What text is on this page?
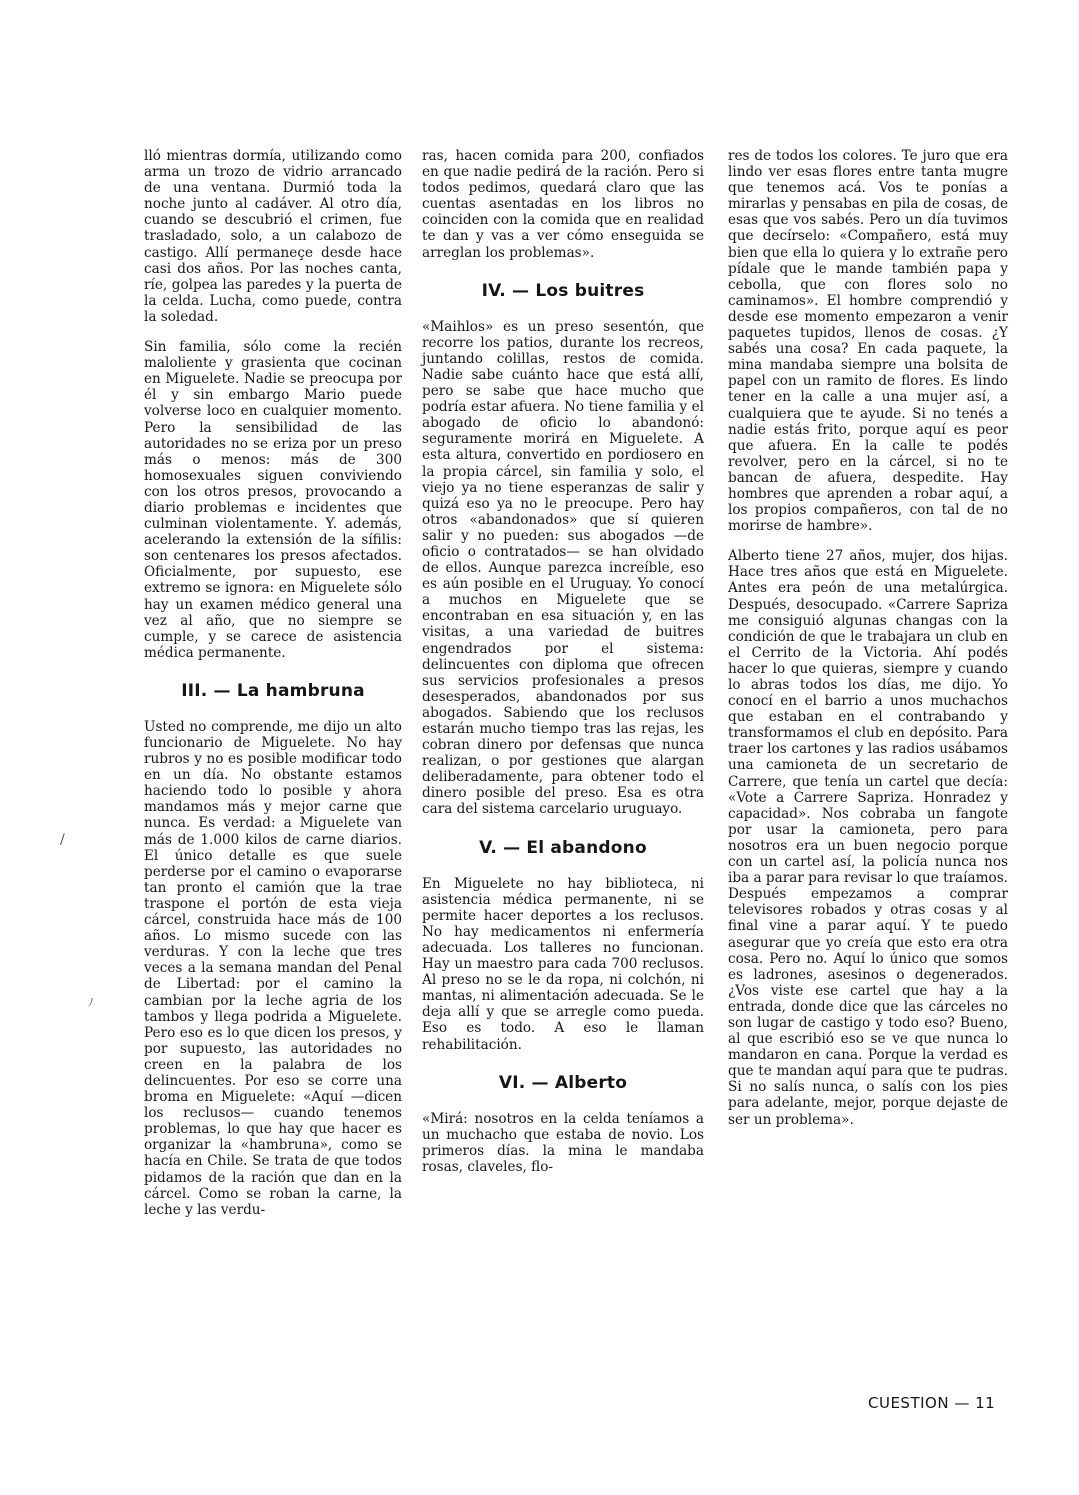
lló mientras dormía, utilizando como arma un trozo de vidrio arrancado de una ventana. Durmió toda la noche junto al cadáver. Al otro día, cuando se descubrió el crimen, fue trasladado, solo, a un calabozo de castigo. Allí permaneçe desde hace casi dos años. Por las noches canta, ríe, golpea las paredes y la puerta de la celda. Lucha, como puede, contra la soledad.

Sin familia, sólo come la recién maloliente y grasienta que cocinan en Miguelete. Nadie se preocupa por él y sin embargo Mario puede volverse loco en cualquier momento. Pero la sensibilidad de las autoridades no se eriza por un preso más o menos: más de 300 homosexuales siguen conviviendo con los otros presos, provocando a diario problemas e incidentes que culminan violentamente. Y. además, acelerando la extensión de la sífilis: son centenares los presos afectados. Oficialmente, por supuesto, ese extremo se ignora: en Miguelete sólo hay un examen médico general una vez al año, que no siempre se cumple, y se carece de asistencia médica permanente.

III. — La hambruna

Usted no comprende, me dijo un alto funcionario de Miguelete. No hay rubros y no es posible modificar todo en un día. No obstante estamos haciendo todo lo posible y ahora mandamos más y mejor carne que nunca. Es verdad: a Miguelete van más de 1.000 kilos de carne diarios. El único detalle es que suele perderse por el camino o evaporarse tan pronto el camión que la trae traspone el portón de esta vieja cárcel, construida hace más de 100 años. Lo mismo sucede con las verduras. Y con la leche que tres veces a la semana mandan del Penal de Libertad: por el camino la cambian por la leche agria de los tambos y llega podrida a Miguelete. Pero eso es lo que dicen los presos, y por supuesto, las autoridades no creen en la palabra de los delincuentes. Por eso se corre una broma en Miguelete: «Aquí —dicen los reclusos— cuando tenemos problemas, lo que hay que hacer es organizar la «hambruna», como se hacía en Chile. Se trata de que todos pidamos de la ración que dan en la cárcel. Como se roban la carne, la leche y las verdu-

ras, hacen comida para 200, confiados en que nadie pedirá de la ración. Pero si todos pedimos, quedará claro que las cuentas asentadas en los libros no coinciden con la comida que en realidad te dan y vas a ver cómo enseguida se arreglan los problemas».

IV. — Los buitres

«Maihlos» es un preso sesentón, que recorre los patios, durante los recreos, juntando colillas, restos de comida. Nadie sabe cuánto hace que está allí, pero se sabe que hace mucho que podría estar afuera. No tiene familia y el abogado de oficio lo abandonó: seguramente morirá en Miguelete. A esta altura, convertido en pordiosero en la propia cárcel, sin familia y solo, el viejo ya no tiene esperanzas de salir y quizá eso ya no le preocupe. Pero hay otros «abandonados» que sí quieren salir y no pueden: sus abogados —de oficio o contratados— se han olvidado de ellos. Aunque parezca increíble, eso es aún posible en el Uruguay. Yo conocí a muchos en Miguelete que se encontraban en esa situación y, en las visitas, a una variedad de buitres engendrados por el sistema: delincuentes con diploma que ofrecen sus servicios profesionales a presos desesperados, abandonados por sus abogados. Sabiendo que los reclusos estarán mucho tiempo tras las rejas, les cobran dinero por defensas que nunca realizan, o por gestiones que alargan deliberadamente, para obtener todo el dinero posible del preso. Esa es otra cara del sistema carcelario uruguayo.

V. — El abandono

En Miguelete no hay biblioteca, ni asistencia médica permanente, ni se permite hacer deportes a los reclusos. No hay medicamentos ni enfermería adecuada. Los talleres no funcionan. Hay un maestro para cada 700 reclusos. Al preso no se le da ropa, ni colchón, ni mantas, ni alimentación adecuada. Se le deja allí y que se arregle como pueda. Eso es todo. A eso le llaman rehabilitación.

VI. — Alberto

«Mirá: nosotros en la celda teníamos a un muchacho que estaba de novio. Los primeros días. la mina le mandaba rosas, claveles, flo-

res de todos los colores. Te juro que era lindo ver esas flores entre tanta mugre que tenemos acá. Vos te ponías a mirarlas y pensabas en pila de cosas, de esas que vos sabés. Pero un día tuvimos que decírselo: «Compañero, está muy bien que ella lo quiera y lo extrañe pero pídale que le mande también papa y cebolla, que con flores solo no caminamos». El hombre comprendió y desde ese momento empezaron a venir paquetes tupidos, llenos de cosas. ¿Y sabés una cosa? En cada paquete, la mina mandaba siempre una bolsita de papel con un ramito de flores. Es lindo tener en la calle a una mujer así, a cualquiera que te ayude. Si no tenés a nadie estás frito, porque aquí es peor que afuera. En la calle te podés revolver, pero en la cárcel, si no te bancan de afuera, despedite. Hay hombres que aprenden a robar aquí, a los propios compañeros, con tal de no morirse de hambre».

Alberto tiene 27 años, mujer, dos hijas. Hace tres años que está en Miguelete. Antes era peón de una metalúrgica. Después, desocupado. «Carrere Sapriza me consiguió algunas changas con la condición de que le trabajara un club en el Cerrito de la Victoria. Ahí podés hacer lo que quieras, siempre y cuando lo abras todos los días, me dijo. Yo conocí en el barrio a unos muchachos que estaban en el contrabando y transformamos el club en depósito. Para traer los cartones y las radios usábamos una camioneta de un secretario de Carrere, que tenía un cartel que decía: «Vote a Carrere Sapriza. Honradez y capacidad». Nos cobraba un fangote por usar la camioneta, pero para nosotros era un buen negocio porque con un cartel así, la policía nunca nos iba a parar para revisar lo que traíamos. Después empezamos a comprar televisores robados y otras cosas y al final vine a parar aquí. Y te puedo asegurar que yo creía que esto era otra cosa. Pero no. Aquí lo único que somos es ladrones, asesinos o degenerados. ¿Vos viste ese cartel que hay a la entrada, donde dice que las cárceles no son lugar de castigo y todo eso? Bueno, al que escribió eso se ve que nunca lo mandaron en cana. Porque la verdad es que te mandan aquí para que te pudras. Si no salís nunca, o salís con los pies para adelante, mejor, porque dejaste de ser un problema».

/
ﾉ
CUESTION — 11
